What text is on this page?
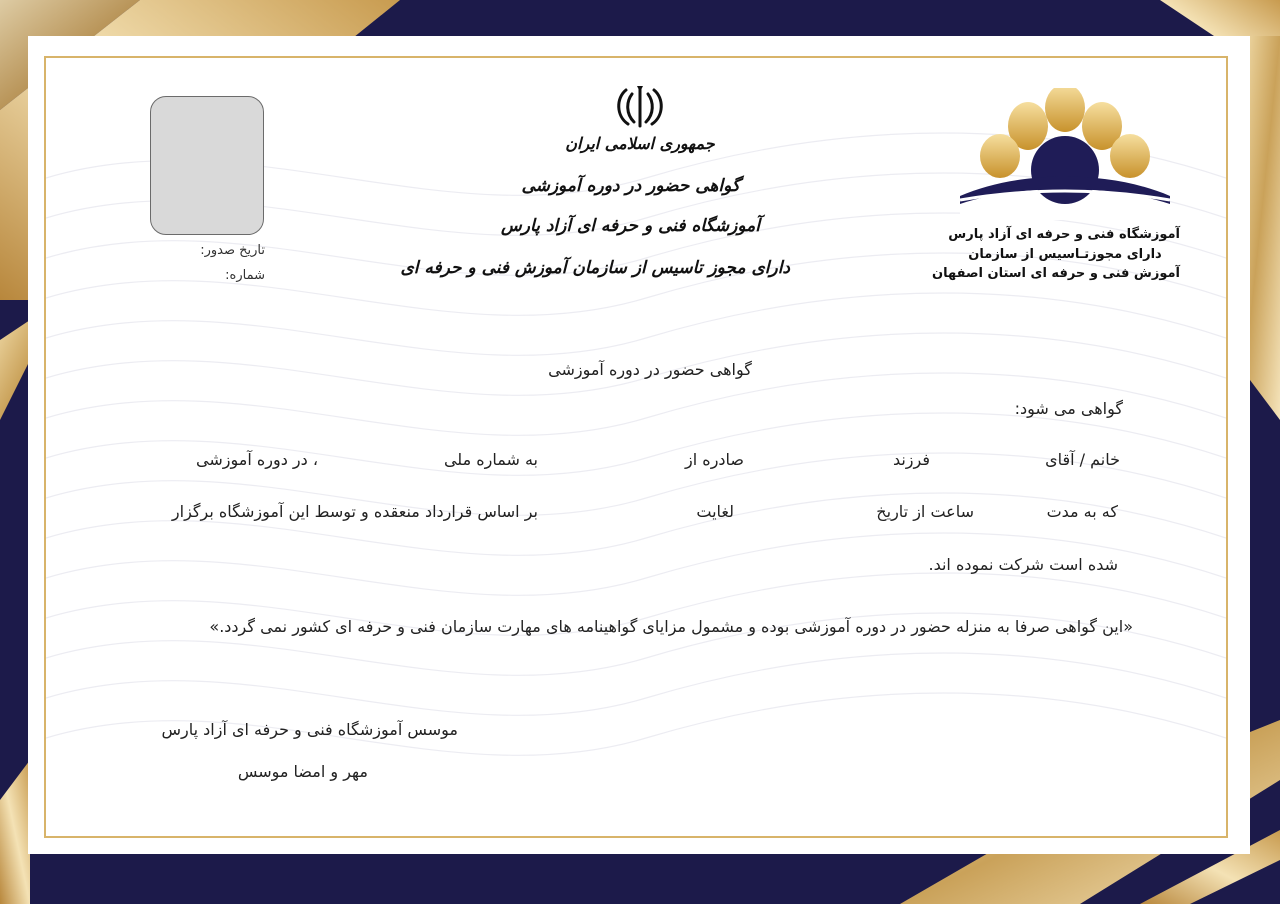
تاریخ صدور:
شماره:
جمهوری اسلامی ایران
گواهی حضور در دوره آموزشی
آموزشگاه فنی و حرفه ای آزاد پارس
دارای مجوز تاسیس از سازمان آموزش فنی و حرفه ای
آموزشگاه فنی و حرفه ای آزاد پارس
دارای مجوزتـاسیس از سازمان
آموزش فنی و حرفه ای استان اصفهان
گواهی حضور در دوره آموزشی
گواهی می شود:
خانم / آقای
فرزند
صادره از
به شماره ملی
، در دوره آموزشی
که به مدت
ساعت از تاریخ
لغایت
بر اساس قرارداد منعقده و توسط این آموزشگاه برگزار
شده است شرکت نموده اند.
«این گواهی صرفا به منزله حضور در دوره آموزشی بوده و مشمول مزایای گواهینامه های مهارت سازمان فنی و حرفه ای کشور نمی گردد.»
موسس آموزشگاه فنی و حرفه ای آزاد پارس
مهر و امضا موسس
